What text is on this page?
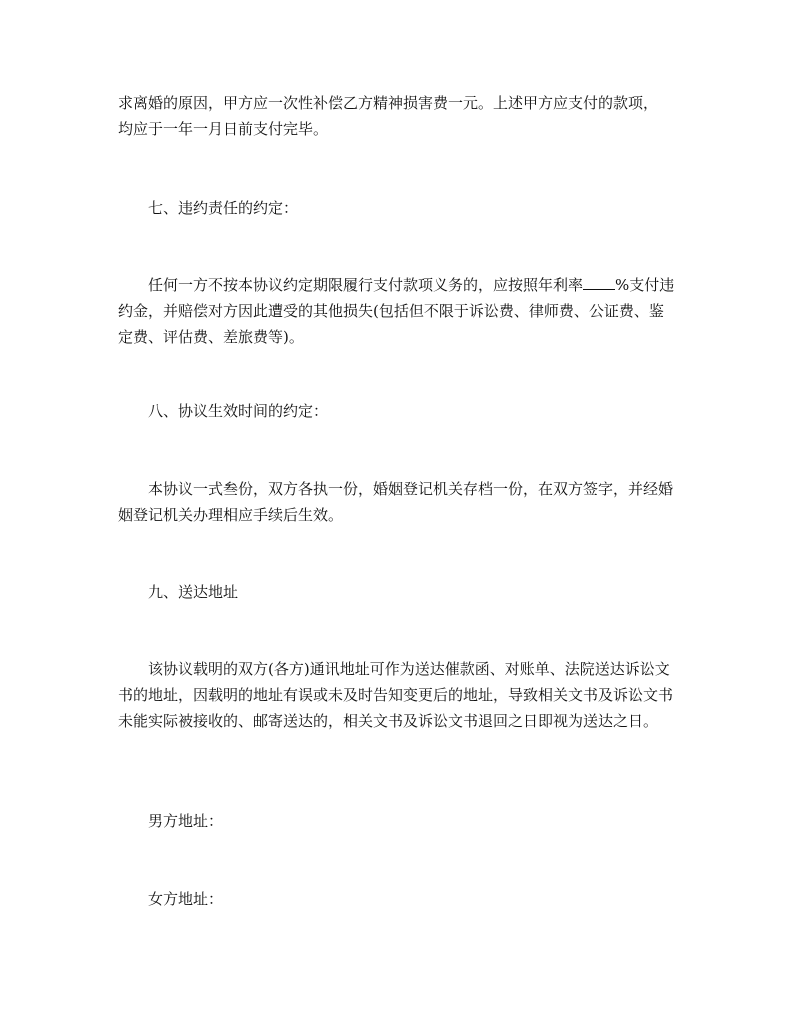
求离婚的原因，甲方应一次性补偿乙方精神损害费一元。上述甲方应支付的款项，
均应于一年一月日前支付完毕。

七、违约责任的约定：

任何一方不按本协议约定期限履行支付款项义务的，应按照年利率 %支付违约金，并赔偿对方因此遭受的其他损失(包括但不限于诉讼费、律师费、公证费、鉴定费、评估费、差旅费等)。

八、协议生效时间的约定：

本协议一式叁份，双方各执一份，婚姻登记机关存档一份，在双方签字，并经婚姻登记机关办理相应手续后生效。

九、送达地址

该协议载明的双方(各方)通讯地址可作为送达催款函、对账单、法院送达诉讼文书的地址，因载明的地址有误或未及时告知变更后的地址，导致相关文书及诉讼文书未能实际被接收的、邮寄送达的，相关文书及诉讼文书退回之日即视为送达之日。

男方地址：

女方地址：
